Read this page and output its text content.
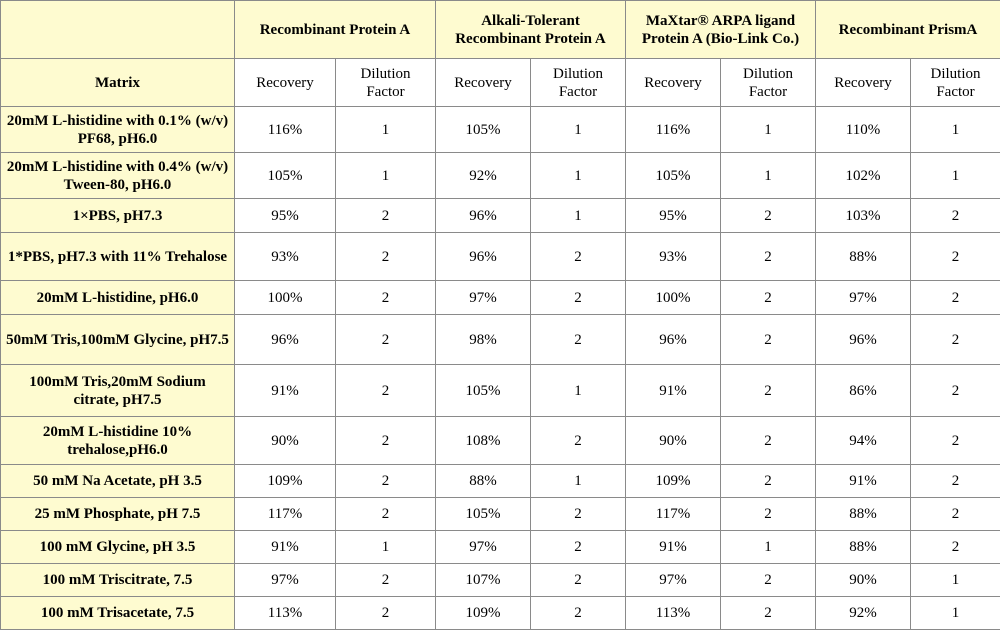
	Recombinant Protein A		Alkali-Tolerant Recombinant Protein A		MaXtar® ARPA ligand Protein A (Bio-Link Co.)		Recombinant PrismA	
Matrix	Recovery	Dilution Factor	Recovery	Dilution Factor	Recovery	Dilution Factor	Recovery	Dilution Factor
20mM L-histidine with 0.1% (w/v) PF68, pH6.0	116%	1	105%	1	116%	1	110%	1
20mM L-histidine with 0.4% (w/v) Tween-80, pH6.0	105%	1	92%	1	105%	1	102%	1
1×PBS, pH7.3	95%	2	96%	1	95%	2	103%	2
1*PBS, pH7.3 with 11% Trehalose	93%	2	96%	2	93%	2	88%	2
20mM L-histidine, pH6.0	100%	2	97%	2	100%	2	97%	2
50mM Tris,100mM Glycine, pH7.5	96%	2	98%	2	96%	2	96%	2
100mM Tris,20mM Sodium citrate, pH7.5	91%	2	105%	1	91%	2	86%	2
20mM L-histidine 10% trehalose,pH6.0	90%	2	108%	2	90%	2	94%	2
50 mM Na Acetate, pH 3.5	109%	2	88%	1	109%	2	91%	2
25 mM Phosphate, pH 7.5	117%	2	105%	2	117%	2	88%	2
100 mM Glycine, pH 3.5	91%	1	97%	2	91%	1	88%	2
100 mM Triscitrate, 7.5	97%	2	107%	2	97%	2	90%	1
100 mM Trisacetate, 7.5	113%	2	109%	2	113%	2	92%	1
